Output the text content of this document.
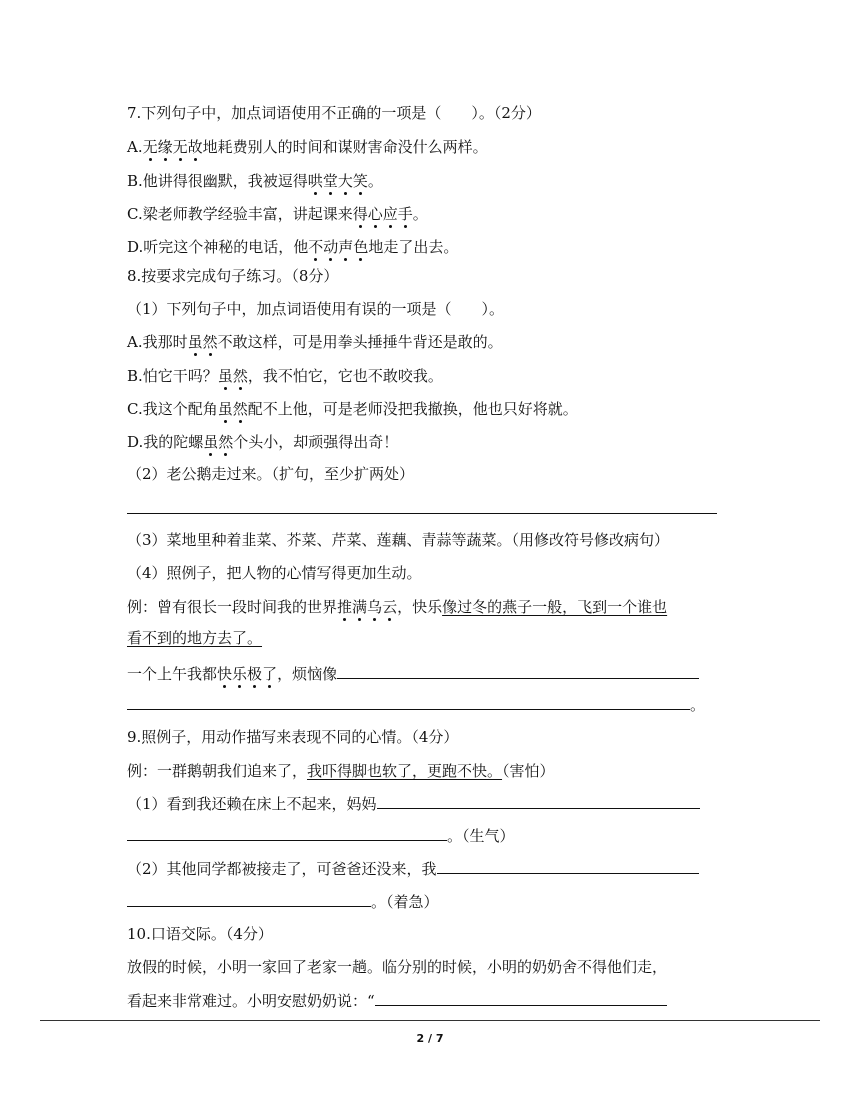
7.下列句子中，加点词语使用不正确的一项是（　　）。（2分）
A.无缘无故地耗费别人的时间和谋财害命没什么两样。
B.他讲得很幽默，我被逗得哄堂大笑。
C.梁老师教学经验丰富，讲起课来得心应手。
D.听完这个神秘的电话，他不动声色地走了出去。
8.按要求完成句子练习。（8分）
（1）下列句子中，加点词语使用有误的一项是（　　）。
A.我那时虽然不敢这样，可是用拳头捶捶牛背还是敢的。
B.怕它干吗？虽然，我不怕它，它也不敢咬我。
C.我这个配角虽然配不上他，可是老师没把我撤换，他也只好将就。
D.我的陀螺虽然个头小，却顽强得出奇！
（2）老公鹅走过来。（扩句，至少扩两处）
（3）菜地里种着韭菜、芥菜、芹菜、莲藕、青蒜等蔬菜。（用修改符号修改病句）
（4）照例子，把人物的心情写得更加生动。
例：曾有很长一段时间我的世界推满乌云，快乐像过冬的燕子一般，飞到一个谁也
看不到的地方去了。
一个上午我都快乐极了，烦恼像
。
9.照例子，用动作描写来表现不同的心情。（4分）
例：一群鹅朝我们追来了，我吓得脚也软了，更跑不快。（害怕）
（1）看到我还赖在床上不起来，妈妈
。（生气）
（2）其他同学都被接走了，可爸爸还没来，我
。（着急）
10.口语交际。（4分）
放假的时候，小明一家回了老家一趟。临分别的时候，小明的奶奶舍不得他们走，
看起来非常难过。小明安慰奶奶说：“
2 / 7
